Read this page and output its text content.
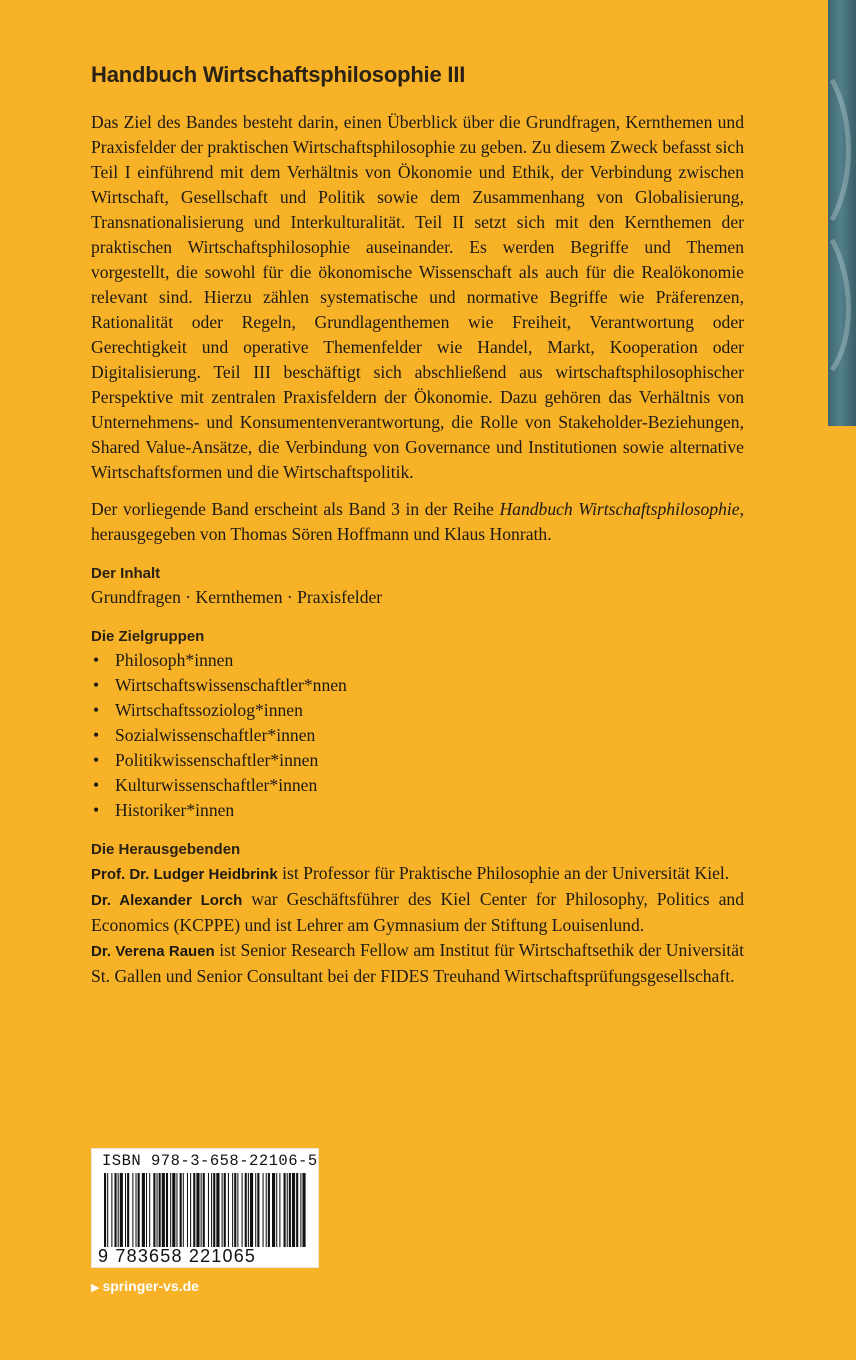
Handbuch Wirtschaftsphilosophie III

Das Ziel des Bandes besteht darin, einen Überblick über die Grundfragen, Kernthemen und Praxisfelder der praktischen Wirtschaftsphilosophie zu geben. Zu diesem Zweck befasst sich Teil I einführend mit dem Verhältnis von Ökonomie und Ethik, der Verbindung zwischen Wirtschaft, Gesellschaft und Politik sowie dem Zusammenhang von Globalisierung, Transnationalisierung und Interkulturalität. Teil II setzt sich mit den Kernthemen der praktischen Wirtschaftsphilosophie auseinander. Es werden Begriffe und Themen vorgestellt, die sowohl für die ökonomische Wissenschaft als auch für die Realökonomie relevant sind. Hierzu zählen systematische und normative Begriffe wie Präferenzen, Rationalität oder Regeln, Grundlagenthemen wie Freiheit, Verantwortung oder Gerechtigkeit und operative Themenfelder wie Handel, Markt, Kooperation oder Digitalisierung. Teil III beschäftigt sich abschließend aus wirtschaftsphilosophischer Perspektive mit zentralen Praxisfeldern der Ökonomie. Dazu gehören das Verhältnis von Unternehmens- und Konsumentenverantwortung, die Rolle von Stakeholder-Beziehungen, Shared Value-Ansätze, die Verbindung von Governance und Institutionen sowie alternative Wirtschaftsformen und die Wirtschaftspolitik.

Der vorliegende Band erscheint als Band 3 in der Reihe Handbuch Wirtschaftsphilosophie, herausgegeben von Thomas Sören Hoffmann und Klaus Honrath.

Der Inhalt

Grundfragen · Kernthemen · Praxisfelder

Die Zielgruppen
• Philosoph*innen
• Wirtschaftswissenschaftler*nnen
• Wirtschaftssoziolog*innen
• Sozialwissenschaftler*innen
• Politikwissenschaftler*innen
• Kulturwissenschaftler*innen
• Historiker*innen
Die Herausgebenden

Prof. Dr. Ludger Heidbrink ist Professor für Praktische Philosophie an der Universität Kiel.

Dr. Alexander Lorch war Geschäftsführer des Kiel Center for Philosophy, Politics and Economics (KCPPE) und ist Lehrer am Gymnasium der Stiftung Louisenlund.

Dr. Verena Rauen ist Senior Research Fellow am Institut für Wirtschaftsethik der Universität St. Gallen und Senior Consultant bei der FIDES Treuhand Wirtschaftsprüfungsgesellschaft.

ISBN 978-3-658-22106-5
9 783658 221065
▶ springer-vs.de
